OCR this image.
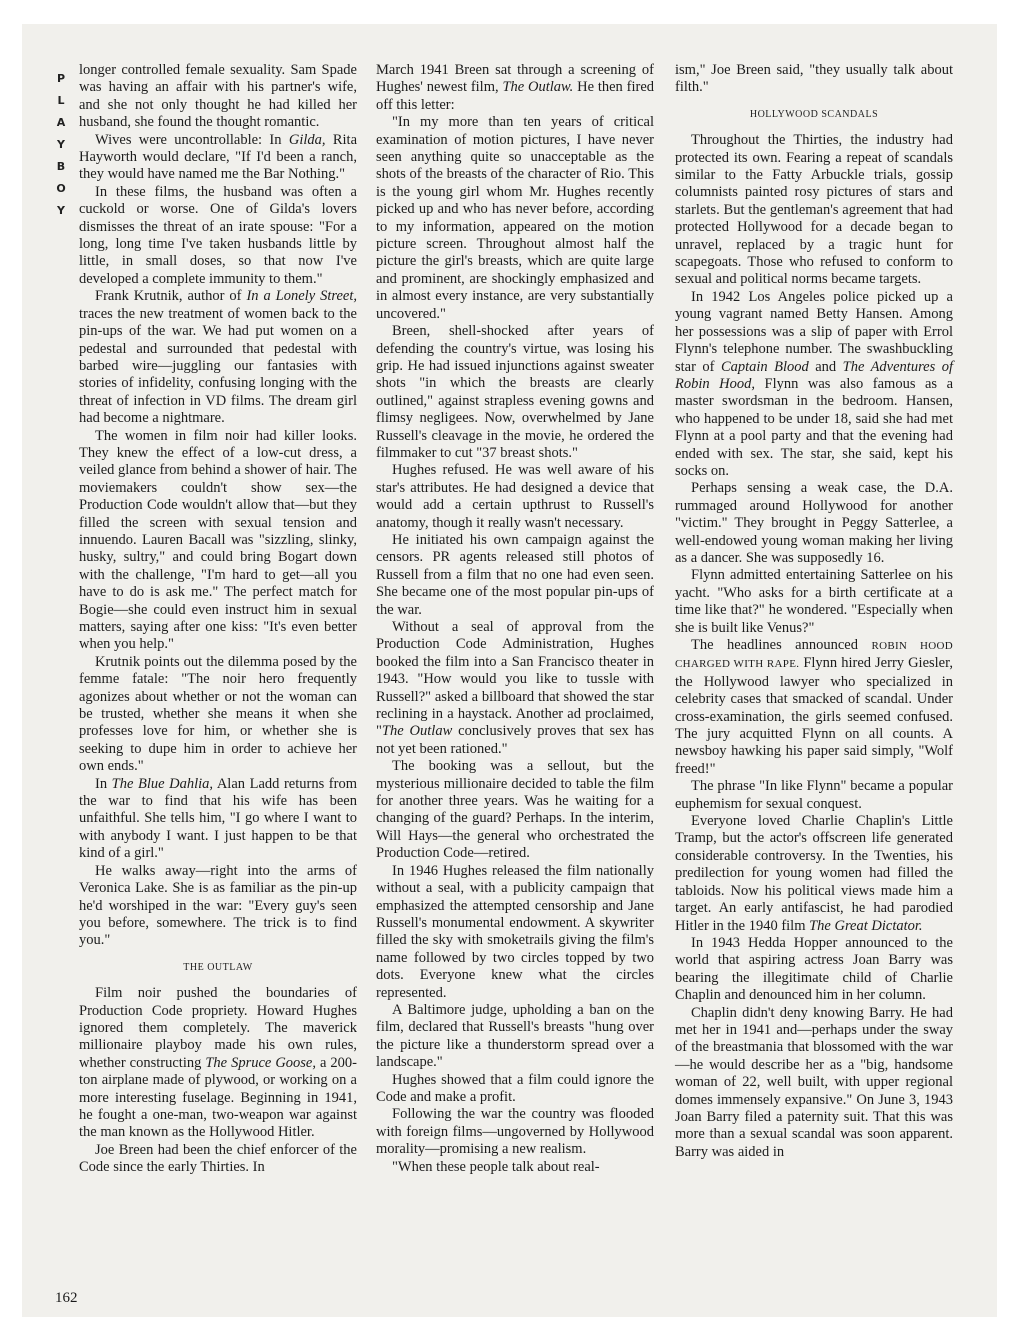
P
L
A
Y
B
O
Y
162

longer controlled female sexuality. Sam Spade was having an affair with his partner's wife, and she not only thought he had killed her husband, she found the thought romantic.

Wives were uncontrollable: In Gilda, Rita Hayworth would declare, "If I'd been a ranch, they would have named me the Bar Nothing."

In these films, the husband was often a cuckold or worse. One of Gilda's lovers dismisses the threat of an irate spouse: "For a long, long time I've taken husbands little by little, in small doses, so that now I've developed a complete immunity to them."

Frank Krutnik, author of In a Lonely Street, traces the new treatment of women back to the pin-ups of the war. We had put women on a pedestal and surrounded that pedestal with barbed wire—juggling our fantasies with stories of infidelity, confusing longing with the threat of infection in VD films. The dream girl had become a nightmare.

The women in film noir had killer looks. They knew the effect of a low-cut dress, a veiled glance from behind a shower of hair. The moviemakers couldn't show sex—the Production Code wouldn't allow that—but they filled the screen with sexual tension and innuendo. Lauren Bacall was "sizzling, slinky, husky, sultry," and could bring Bogart down with the challenge, "I'm hard to get—all you have to do is ask me." The perfect match for Bogie—she could even instruct him in sexual matters, saying after one kiss: "It's even better when you help."

Krutnik points out the dilemma posed by the femme fatale: "The noir hero frequently agonizes about whether or not the woman can be trusted, whether she means it when she professes love for him, or whether she is seeking to dupe him in order to achieve her own ends."

In The Blue Dahlia, Alan Ladd returns from the war to find that his wife has been unfaithful. She tells him, "I go where I want to with anybody I want. I just happen to be that kind of a girl."

He walks away—right into the arms of Veronica Lake. She is as familiar as the pin-up he'd worshiped in the war: "Every guy's seen you before, somewhere. The trick is to find you."

THE OUTLAW

Film noir pushed the boundaries of Production Code propriety. Howard Hughes ignored them completely. The maverick millionaire playboy made his own rules, whether constructing The Spruce Goose, a 200-ton airplane made of plywood, or working on a more interesting fuselage. Beginning in 1941, he fought a one-man, two-weapon war against the man known as the Hollywood Hitler.

Joe Breen had been the chief enforcer of the Code since the early Thirties. In

March 1941 Breen sat through a screening of Hughes' newest film, The Outlaw. He then fired off this letter:

"In my more than ten years of critical examination of motion pictures, I have never seen anything quite so unacceptable as the shots of the breasts of the character of Rio. This is the young girl whom Mr. Hughes recently picked up and who has never before, according to my information, appeared on the motion picture screen. Throughout almost half the picture the girl's breasts, which are quite large and prominent, are shockingly emphasized and in almost every instance, are very substantially uncovered."

Breen, shell-shocked after years of defending the country's virtue, was losing his grip. He had issued injunctions against sweater shots "in which the breasts are clearly outlined," against strapless evening gowns and flimsy negligees. Now, overwhelmed by Jane Russell's cleavage in the movie, he ordered the filmmaker to cut "37 breast shots."

Hughes refused. He was well aware of his star's attributes. He had designed a device that would add a certain upthrust to Russell's anatomy, though it really wasn't necessary.

He initiated his own campaign against the censors. PR agents released still photos of Russell from a film that no one had even seen. She became one of the most popular pin-ups of the war.

Without a seal of approval from the Production Code Administration, Hughes booked the film into a San Francisco theater in 1943. "How would you like to tussle with Russell?" asked a billboard that showed the star reclining in a haystack. Another ad proclaimed, "The Outlaw conclusively proves that sex has not yet been rationed."

The booking was a sellout, but the mysterious millionaire decided to table the film for another three years. Was he waiting for a changing of the guard? Perhaps. In the interim, Will Hays—the general who orchestrated the Production Code—retired.

In 1946 Hughes released the film nationally without a seal, with a publicity campaign that emphasized the attempted censorship and Jane Russell's monumental endowment. A skywriter filled the sky with smoketrails giving the film's name followed by two circles topped by two dots. Everyone knew what the circles represented.

A Baltimore judge, upholding a ban on the film, declared that Russell's breasts "hung over the picture like a thunderstorm spread over a landscape."

Hughes showed that a film could ignore the Code and make a profit.

Following the war the country was flooded with foreign films—ungoverned by Hollywood morality—promising a new realism.

"When these people talk about real-

ism," Joe Breen said, "they usually talk about filth."

HOLLYWOOD SCANDALS

Throughout the Thirties, the industry had protected its own. Fearing a repeat of scandals similar to the Fatty Arbuckle trials, gossip columnists painted rosy pictures of stars and starlets. But the gentleman's agreement that had protected Hollywood for a decade began to unravel, replaced by a tragic hunt for scapegoats. Those who refused to conform to sexual and political norms became targets.

In 1942 Los Angeles police picked up a young vagrant named Betty Hansen. Among her possessions was a slip of paper with Errol Flynn's telephone number. The swashbuckling star of Captain Blood and The Adventures of Robin Hood, Flynn was also famous as a master swordsman in the bedroom. Hansen, who happened to be under 18, said she had met Flynn at a pool party and that the evening had ended with sex. The star, she said, kept his socks on.

Perhaps sensing a weak case, the D.A. rummaged around Hollywood for another "victim." They brought in Peggy Satterlee, a well-endowed young woman making her living as a dancer. She was supposedly 16.

Flynn admitted entertaining Satterlee on his yacht. "Who asks for a birth certificate at a time like that?" he wondered. "Especially when she is built like Venus?"

The headlines announced ROBIN HOOD CHARGED WITH RAPE. Flynn hired Jerry Giesler, the Hollywood lawyer who specialized in celebrity cases that smacked of scandal. Under cross-examination, the girls seemed confused. The jury acquitted Flynn on all counts. A newsboy hawking his paper said simply, "Wolf freed!"

The phrase "In like Flynn" became a popular euphemism for sexual conquest.

Everyone loved Charlie Chaplin's Little Tramp, but the actor's offscreen life generated considerable controversy. In the Twenties, his predilection for young women had filled the tabloids. Now his political views made him a target. An early antifascist, he had parodied Hitler in the 1940 film The Great Dictator.

In 1943 Hedda Hopper announced to the world that aspiring actress Joan Barry was bearing the illegitimate child of Charlie Chaplin and denounced him in her column.

Chaplin didn't deny knowing Barry. He had met her in 1941 and—perhaps under the sway of the breastmania that blossomed with the war—he would describe her as a "big, handsome woman of 22, well built, with upper regional domes immensely expansive." On June 3, 1943 Joan Barry filed a paternity suit. That this was more than a sexual scandal was soon apparent. Barry was aided in
